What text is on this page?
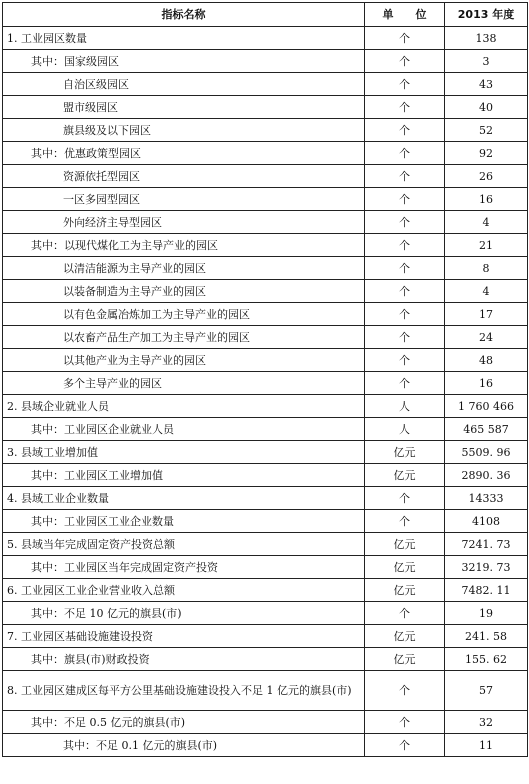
指标名称	单　　位	2013 年度
1. 工业园区数量	个	138
其中：国家级园区	个	3
自治区级园区	个	43
盟市级园区	个	40
旗县级及以下园区	个	52
其中：优惠政策型园区	个	92
资源依托型园区	个	26
一区多园型园区	个	16
外向经济主导型园区	个	4
其中：以现代煤化工为主导产业的园区	个	21
以清洁能源为主导产业的园区	个	8
以装备制造为主导产业的园区	个	4
以有色金属冶炼加工为主导产业的园区	个	17
以农畜产品生产加工为主导产业的园区	个	24
以其他产业为主导产业的园区	个	48
多个主导产业的园区	个	16
2. 县域企业就业人员	人	1 760 466
其中：工业园区企业就业人员	人	465 587
3. 县域工业增加值	亿元	5509. 96
其中：工业园区工业增加值	亿元	2890. 36
4. 县域工业企业数量	个	14333
其中：工业园区工业企业数量	个	4108
5. 县域当年完成固定资产投资总额	亿元	7241. 73
其中：工业园区当年完成固定资产投资	亿元	3219. 73
6. 工业园区工业企业营业收入总额	亿元	7482. 11
其中：不足 10 亿元的旗县(市)	个	19
7. 工业园区基础设施建设投资	亿元	241. 58
其中：旗县(市)财政投资	亿元	155. 62
8. 工业园区建成区每平方公里基础设施建设投入不足 1 亿元的旗县(市)	个	57
其中：不足 0.5 亿元的旗县(市)	个	32
其中：不足 0.1 亿元的旗县(市)	个	11
